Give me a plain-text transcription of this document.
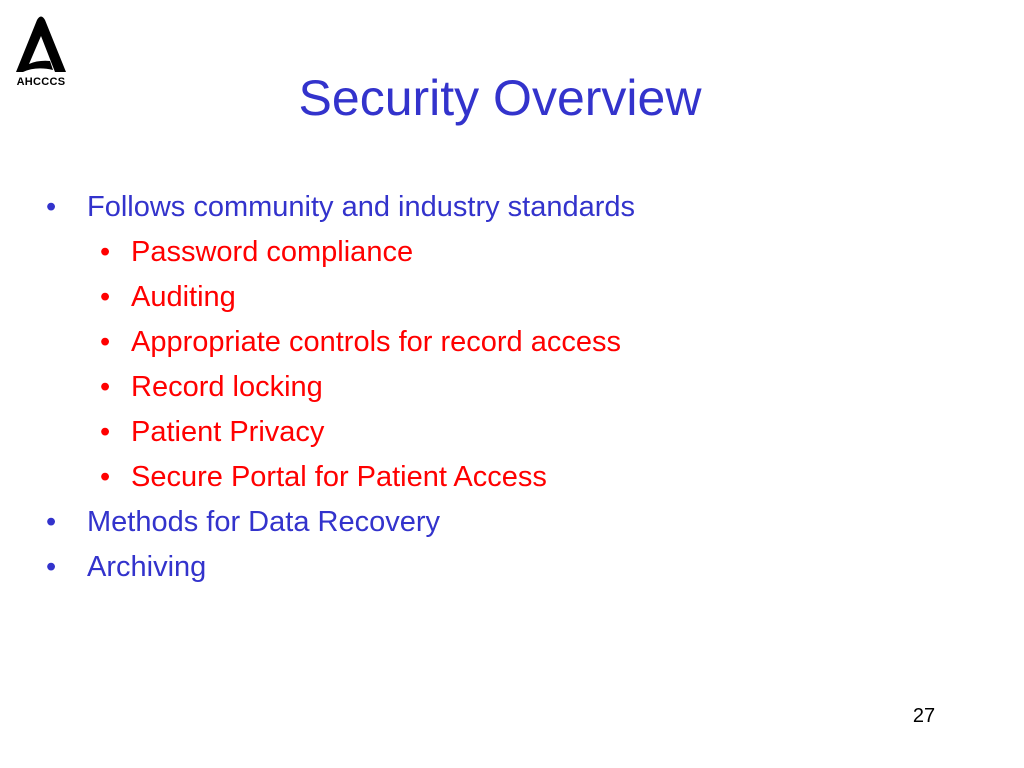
AHCCCS	Security Overview
• Follows community and industry standards
• Password compliance
• Auditing
• Appropriate controls for record access
• Record locking
• Patient Privacy
• Secure Portal for Patient Access
• Methods for Data Recovery
• Archiving
27
